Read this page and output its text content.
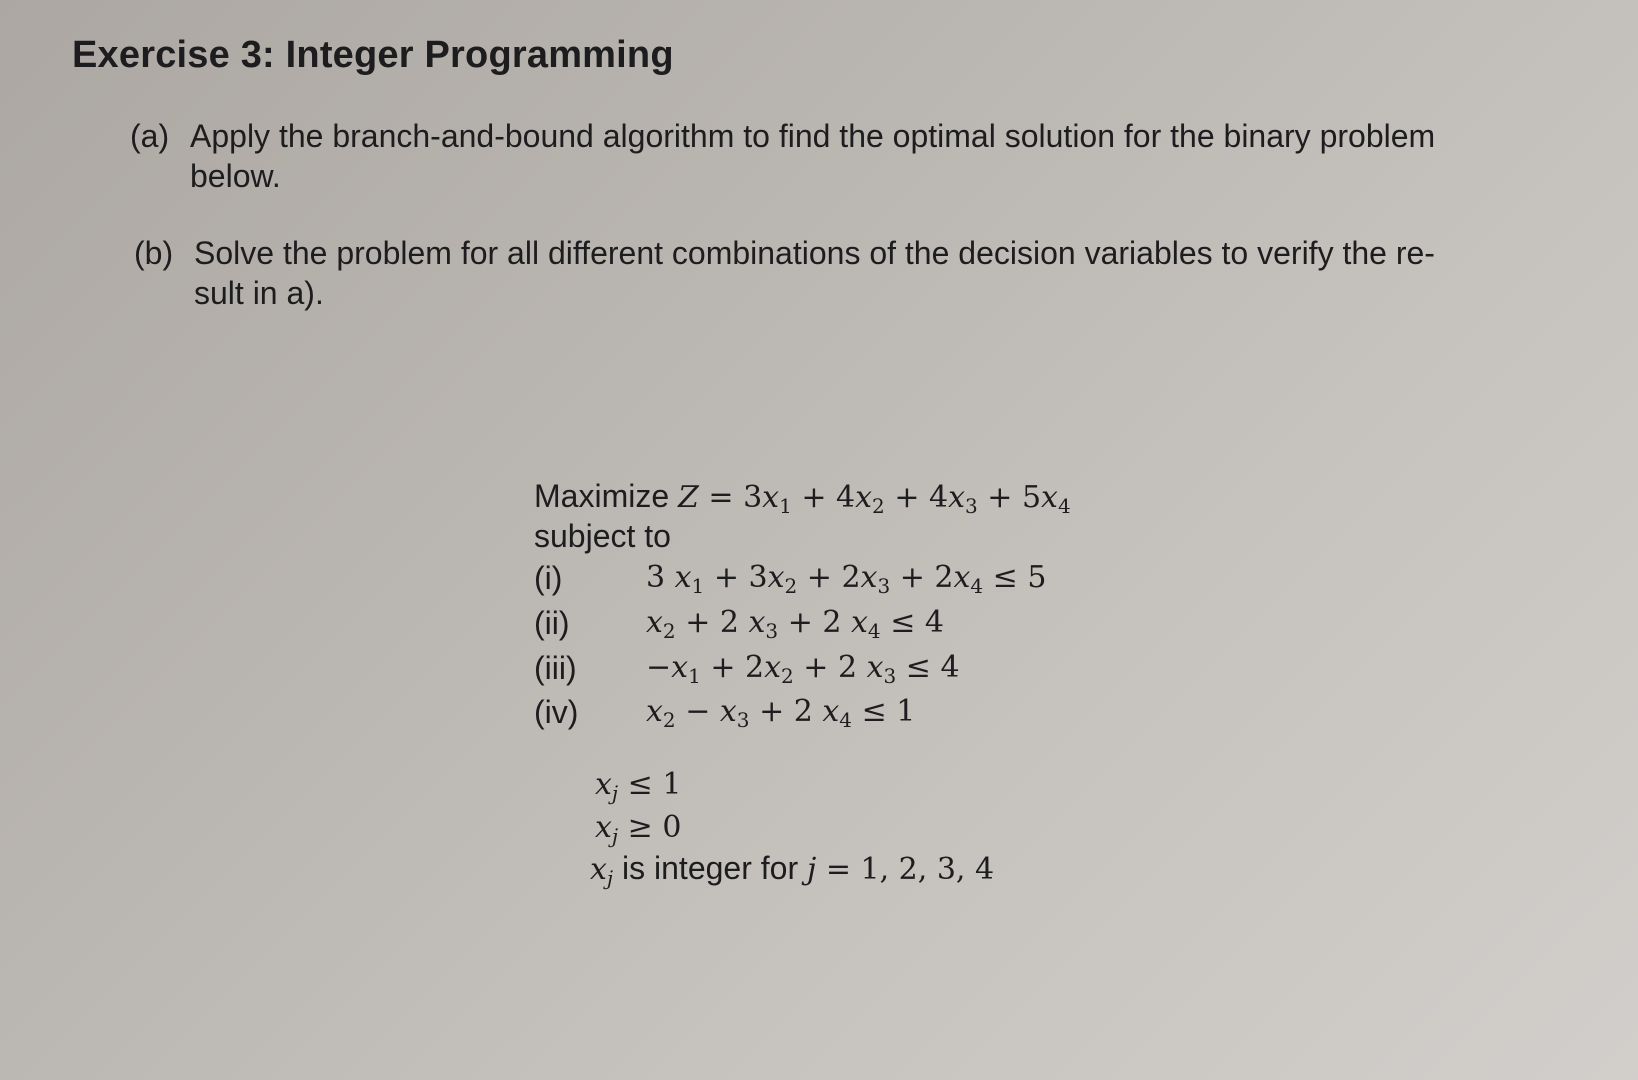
Exercise 3: Integer Programming
(a) Apply the branch-and-bound algorithm to find the optimal solution for the binary problem
below.
(b) Solve the problem for all different combinations of the decision variables to verify the re-
sult in a).
Maximize $Z = 3x_1 + 4x_2 + 4x_3 + 5x_4$
subject to
(i)	3 $x_1 + 3x_2 + 2x_3 + 2x_4 \le 5$
(ii)	$x_2 + 2$ $x_3 + 2$ $x_4 \le 4$
$(iii) -x_1 + 2x_2 + 2$ $x_3 \le 4$
(iv) $x_2 - x_3 + 2$ $x_4 \le 1$
$x_j \le 1$
$x_j \ge 0$
$x_j$ is integer for j = 1, 2, 3, 4
